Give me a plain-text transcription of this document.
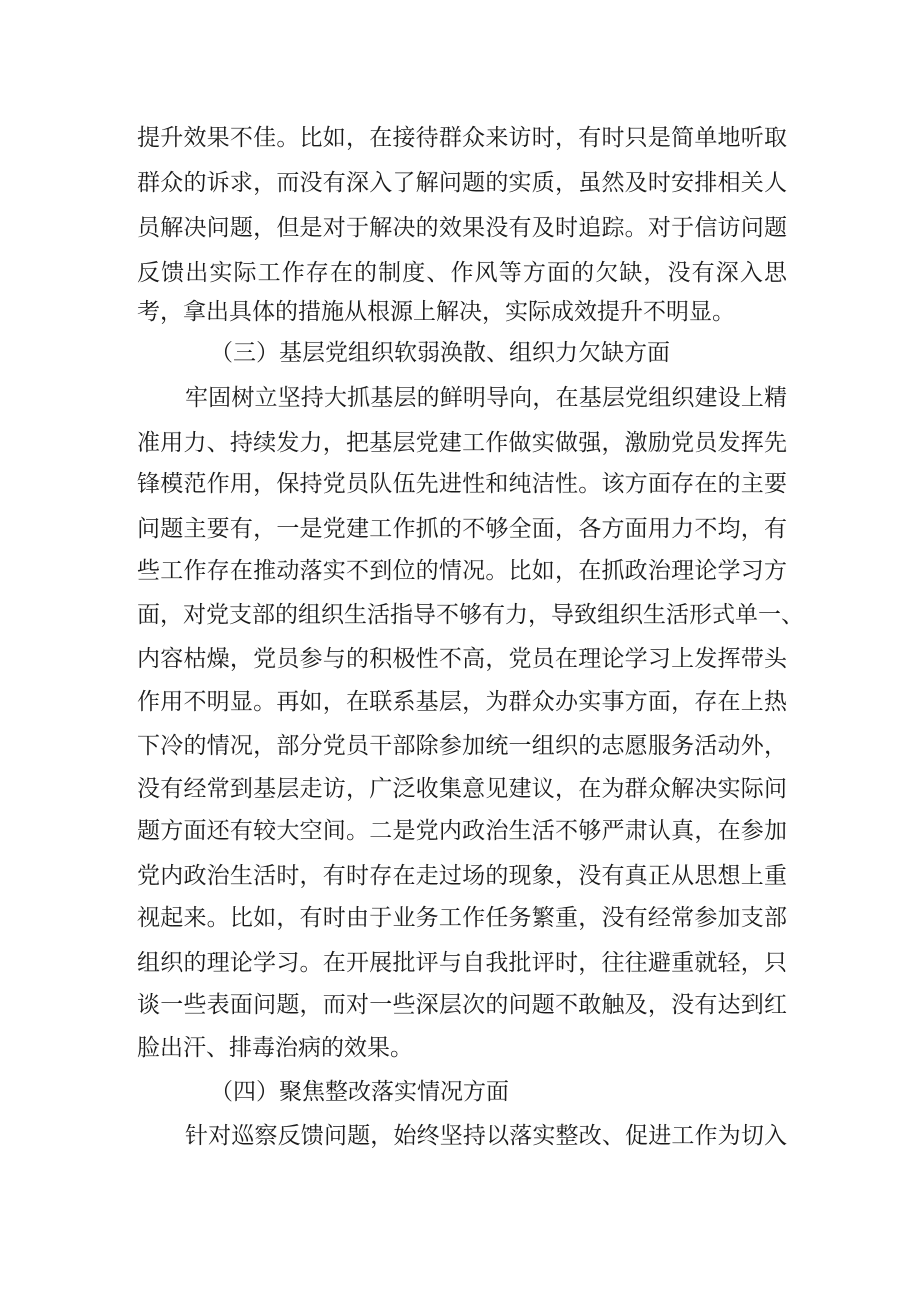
提升效果不佳。比如，在接待群众来访时，有时只是简单地听取
群众的诉求，而没有深入了解问题的实质，虽然及时安排相关人
员解决问题，但是对于解决的效果没有及时追踪。对于信访问题
反馈出实际工作存在的制度、作风等方面的欠缺，没有深入思
考，拿出具体的措施从根源上解决，实际成效提升不明显。
（三）基层党组织软弱涣散、组织力欠缺方面
牢固树立坚持大抓基层的鲜明导向，在基层党组织建设上精
准用力、持续发力，把基层党建工作做实做强，激励党员发挥先
锋模范作用，保持党员队伍先进性和纯洁性。该方面存在的主要
问题主要有，一是党建工作抓的不够全面，各方面用力不均，有
些工作存在推动落实不到位的情况。比如，在抓政治理论学习方
面，对党支部的组织生活指导不够有力，导致组织生活形式单一、
内容枯燥，党员参与的积极性不高，党员在理论学习上发挥带头
作用不明显。再如，在联系基层，为群众办实事方面，存在上热
下冷的情况，部分党员干部除参加统一组织的志愿服务活动外，
没有经常到基层走访，广泛收集意见建议，在为群众解决实际问
题方面还有较大空间。二是党内政治生活不够严肃认真，在参加
党内政治生活时，有时存在走过场的现象，没有真正从思想上重
视起来。比如，有时由于业务工作任务繁重，没有经常参加支部
组织的理论学习。在开展批评与自我批评时，往往避重就轻，只
谈一些表面问题，而对一些深层次的问题不敢触及，没有达到红
脸出汗、排毒治病的效果。
（四）聚焦整改落实情况方面
针对巡察反馈问题，始终坚持以落实整改、促进工作为切入
